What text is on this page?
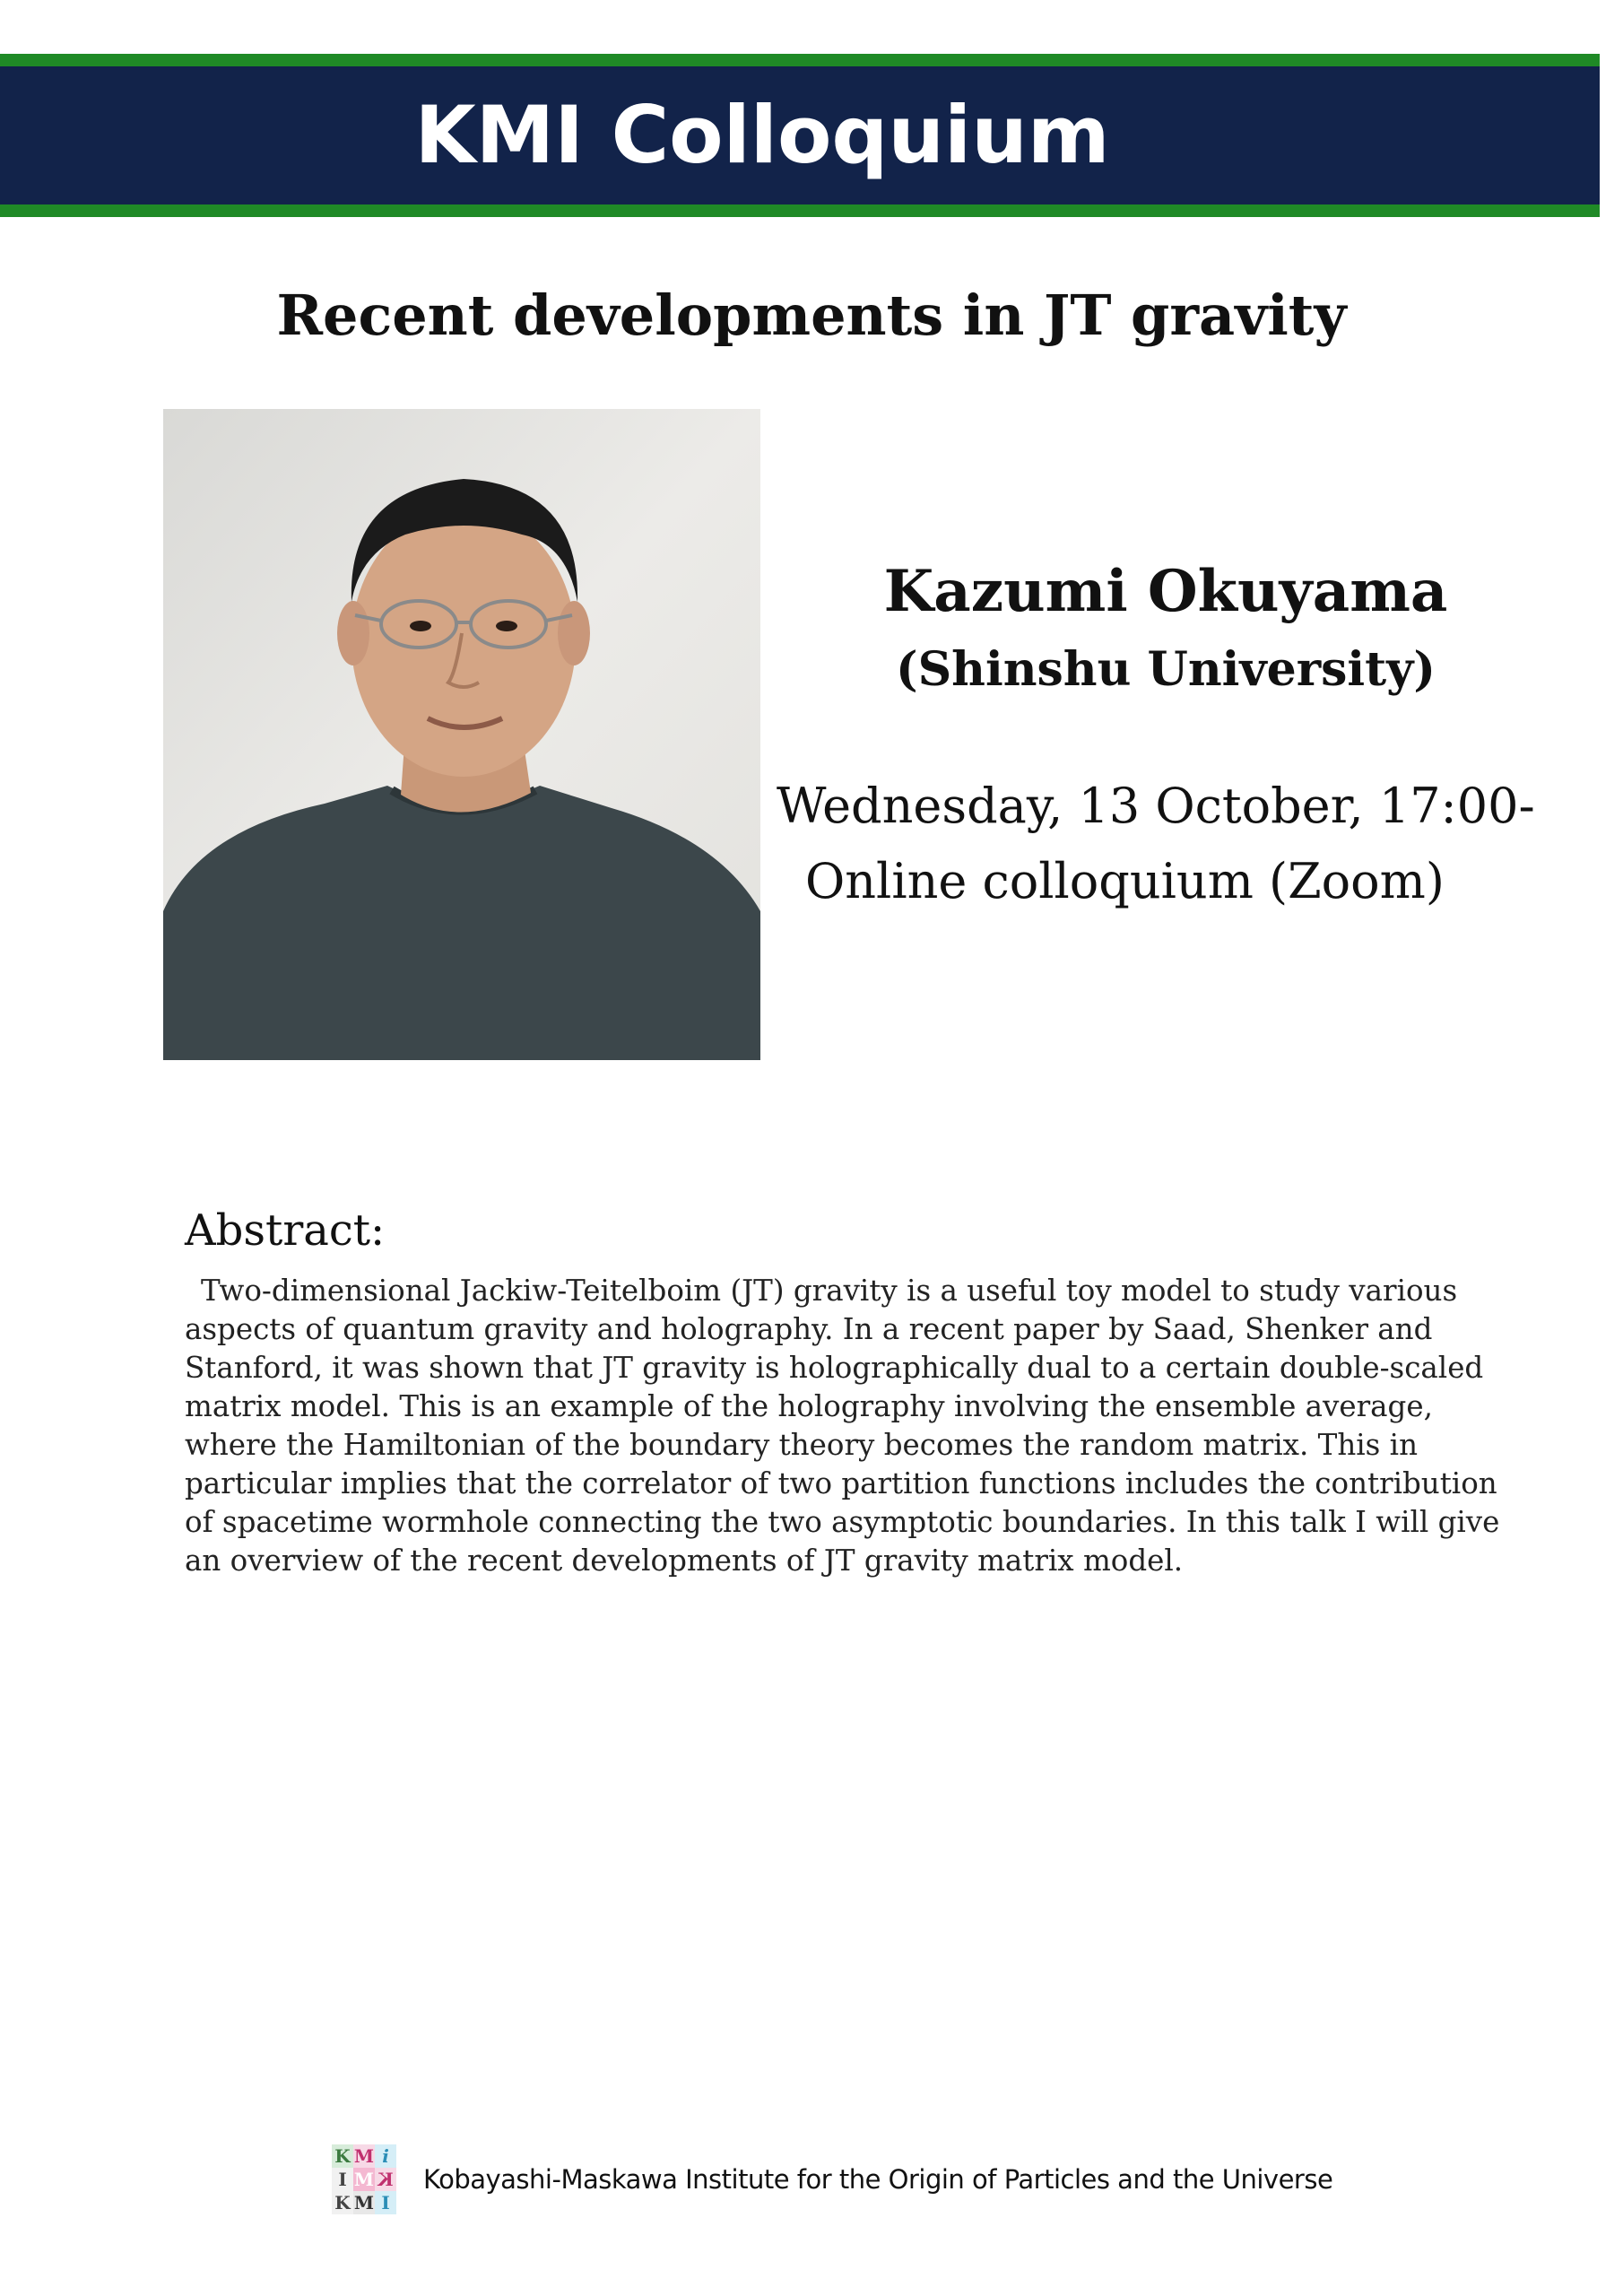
KMI Colloquium
Recent developments in JT gravity
Kazumi Okuyama
(Shinshu University)
Wednesday, 13 October, 17:00-
Online colloquium (Zoom)
Abstract:
Two-dimensional Jackiw-Teitelboim (JT) gravity is a useful toy model to study various aspects of quantum gravity and holography. In a recent paper by Saad, Shenker and Stanford, it was shown that JT gravity is holographically dual to a certain double-scaled matrix model. This is an example of the holography involving the ensemble average, where the Hamiltonian of the boundary theory becomes the random matrix. This in particular implies that the correlator of two partition functions includes the contribution of spacetime wormhole connecting the two asymptotic boundaries. In this talk I will give an overview of the recent developments of JT gravity matrix model.
K M i
I M K
K M I
Kobayashi-Maskawa Institute for the Origin of Particles and the Universe
